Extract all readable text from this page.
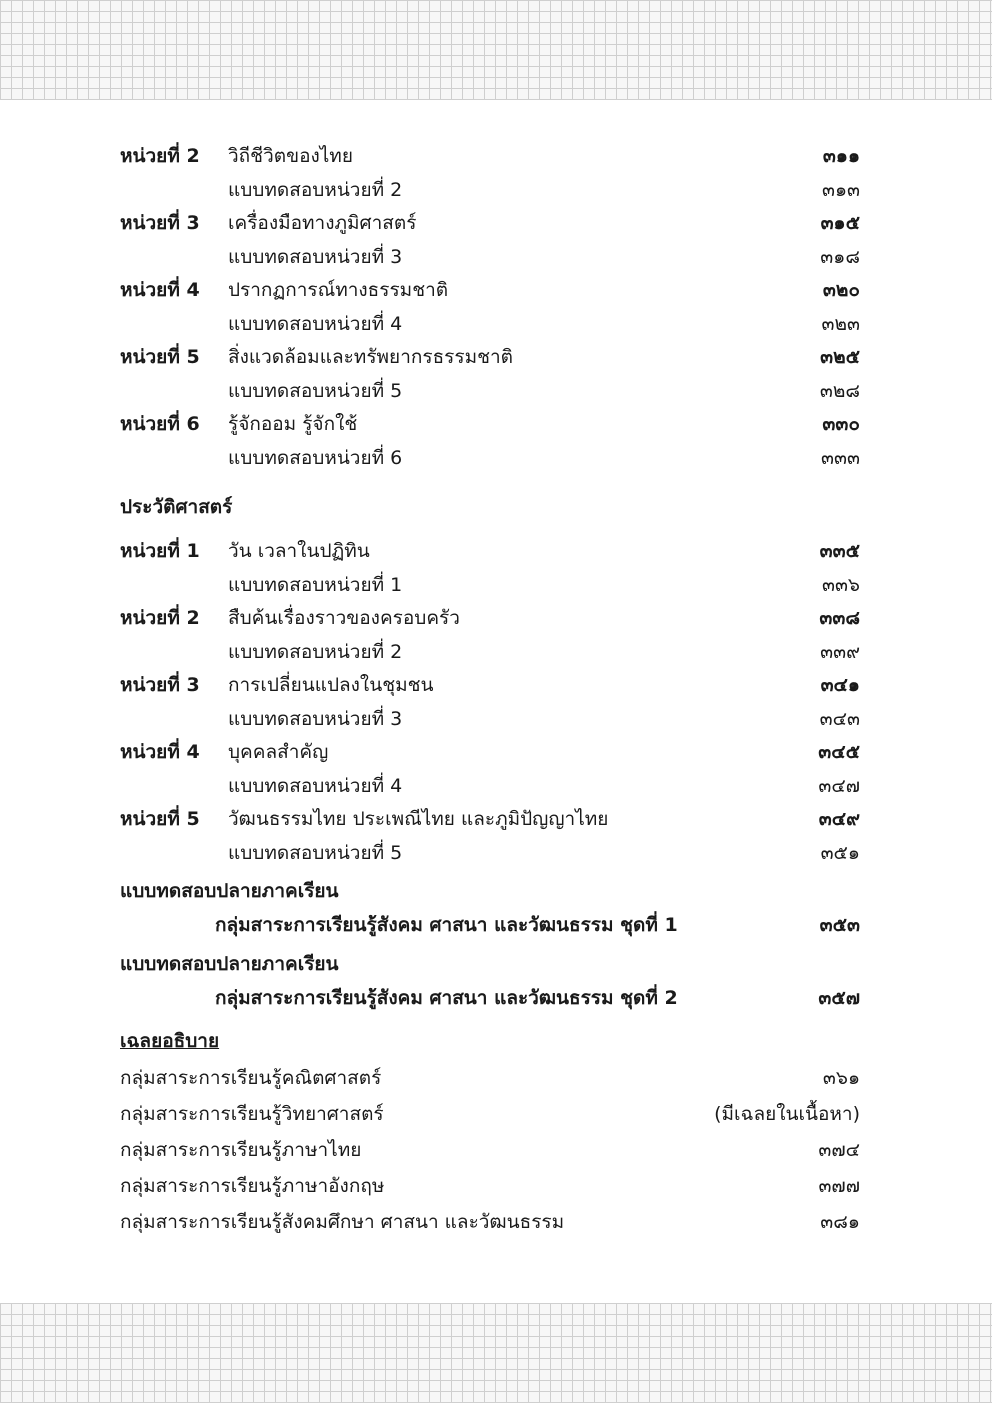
หน่วยที่ 2 วิถีชีวิตของไทย	๓๑๑
แบบทดสอบหน่วยที่ 2	๓๑๓
หน่วยที่ 3 เครื่องมือทางภูมิศาสตร์	๓๑๕
แบบทดสอบหน่วยที่ 3	๓๑๘
หน่วยที่ 4 ปรากฏการณ์ทางธรรมชาติ	๓๒๐
แบบทดสอบหน่วยที่ 4	๓๒๓
หน่วยที่ 5 สิ่งแวดล้อมและทรัพยากรธรรมชาติ	๓๒๕
แบบทดสอบหน่วยที่ 5	๓๒๘
หน่วยที่ 6 รู้จักออม รู้จักใช้	๓๓๐
แบบทดสอบหน่วยที่ 6	๓๓๓
ประวัติศาสตร์
หน่วยที่ 1 วัน เวลาในปฏิทิน	๓๓๕
แบบทดสอบหน่วยที่ 1	๓๓๖
หน่วยที่ 2 สืบค้นเรื่องราวของครอบครัว	๓๓๘
แบบทดสอบหน่วยที่ 2	๓๓๙
หน่วยที่ 3 การเปลี่ยนแปลงในชุมชน	๓๔๑
แบบทดสอบหน่วยที่ 3	๓๔๓
หน่วยที่ 4 บุคคลสำคัญ	๓๔๕
แบบทดสอบหน่วยที่ 4	๓๔๗
หน่วยที่ 5 วัฒนธรรมไทย ประเพณีไทย และภูมิปัญญาไทย	๓๔๙
แบบทดสอบหน่วยที่ 5	๓๕๑
แบบทดสอบปลายภาคเรียน
กลุ่มสาระการเรียนรู้สังคม ศาสนา และวัฒนธรรม ชุดที่ 1	๓๕๓
แบบทดสอบปลายภาคเรียน
กลุ่มสาระการเรียนรู้สังคม ศาสนา และวัฒนธรรม ชุดที่ 2	๓๕๗
เฉลยอธิบาย
กลุ่มสาระการเรียนรู้คณิตศาสตร์	๓๖๑
กลุ่มสาระการเรียนรู้วิทยาศาสตร์	(มีเฉลยในเนื้อหา)
กลุ่มสาระการเรียนรู้ภาษาไทย	๓๗๔
กลุ่มสาระการเรียนรู้ภาษาอังกฤษ	๓๗๗
กลุ่มสาระการเรียนรู้สังคมศึกษา ศาสนา และวัฒนธรรม	๓๘๑
